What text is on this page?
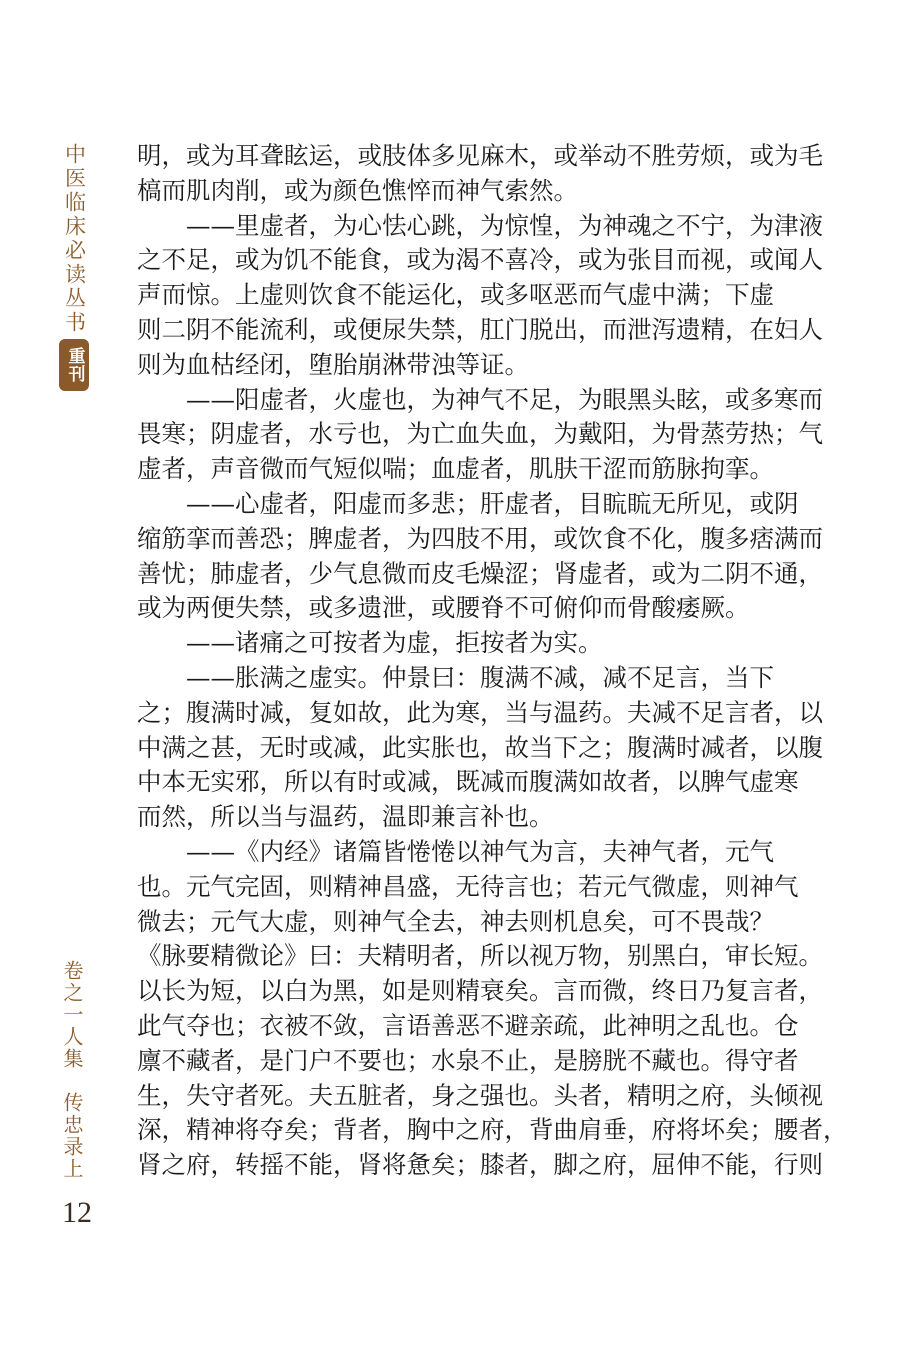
中医临床必读丛书
重刊
卷之一人集
传忠录上
12
明，或为耳聋眩运，或肢体多见麻木，或举动不胜劳烦，或为毛
槁而肌肉削，或为颜色憔悴而神气索然。
——里虚者，为心怯心跳，为惊惶，为神魂之不宁，为津液
之不足，或为饥不能食，或为渴不喜冷，或为张目而视，或闻人
声而惊。上虚则饮食不能运化，或多呕恶而气虚中满；下虚
则二阴不能流利，或便尿失禁，肛门脱出，而泄泻遗精，在妇人
则为血枯经闭，堕胎崩淋带浊等证。
——阳虚者，火虚也，为神气不足，为眼黑头眩，或多寒而
畏寒；阴虚者，水亏也，为亡血失血，为戴阳，为骨蒸劳热；气
虚者，声音微而气短似喘；血虚者，肌肤干涩而筋脉拘挛。
——心虚者，阳虚而多悲；肝虚者，目䀮䀮无所见，或阴
缩筋挛而善恐；脾虚者，为四肢不用，或饮食不化，腹多痞满而
善忧；肺虚者，少气息微而皮毛燥涩；肾虚者，或为二阴不通，
或为两便失禁，或多遗泄，或腰脊不可俯仰而骨酸痿厥。
——诸痛之可按者为虚，拒按者为实。
——胀满之虚实。仲景曰：腹满不减，减不足言，当下
之；腹满时减，复如故，此为寒，当与温药。夫减不足言者，以
中满之甚，无时或减，此实胀也，故当下之；腹满时减者，以腹
中本无实邪，所以有时或减，既减而腹满如故者，以脾气虚寒
而然，所以当与温药，温即兼言补也。
——《内经》诸篇皆惓惓以神气为言，夫神气者，元气
也。元气完固，则精神昌盛，无待言也；若元气微虚，则神气
微去；元气大虚，则神气全去，神去则机息矣，可不畏哉？
《脉要精微论》曰：夫精明者，所以视万物，别黑白，审长短。
以长为短，以白为黑，如是则精衰矣。言而微，终日乃复言者，
此气夺也；衣被不敛，言语善恶不避亲疏，此神明之乱也。仓
廪不藏者，是门户不要也；水泉不止，是膀胱不藏也。得守者
生，失守者死。夫五脏者，身之强也。头者，精明之府，头倾视
深，精神将夺矣；背者，胸中之府，背曲肩垂，府将坏矣；腰者，
肾之府，转摇不能，肾将惫矣；膝者，脚之府，屈伸不能，行则
